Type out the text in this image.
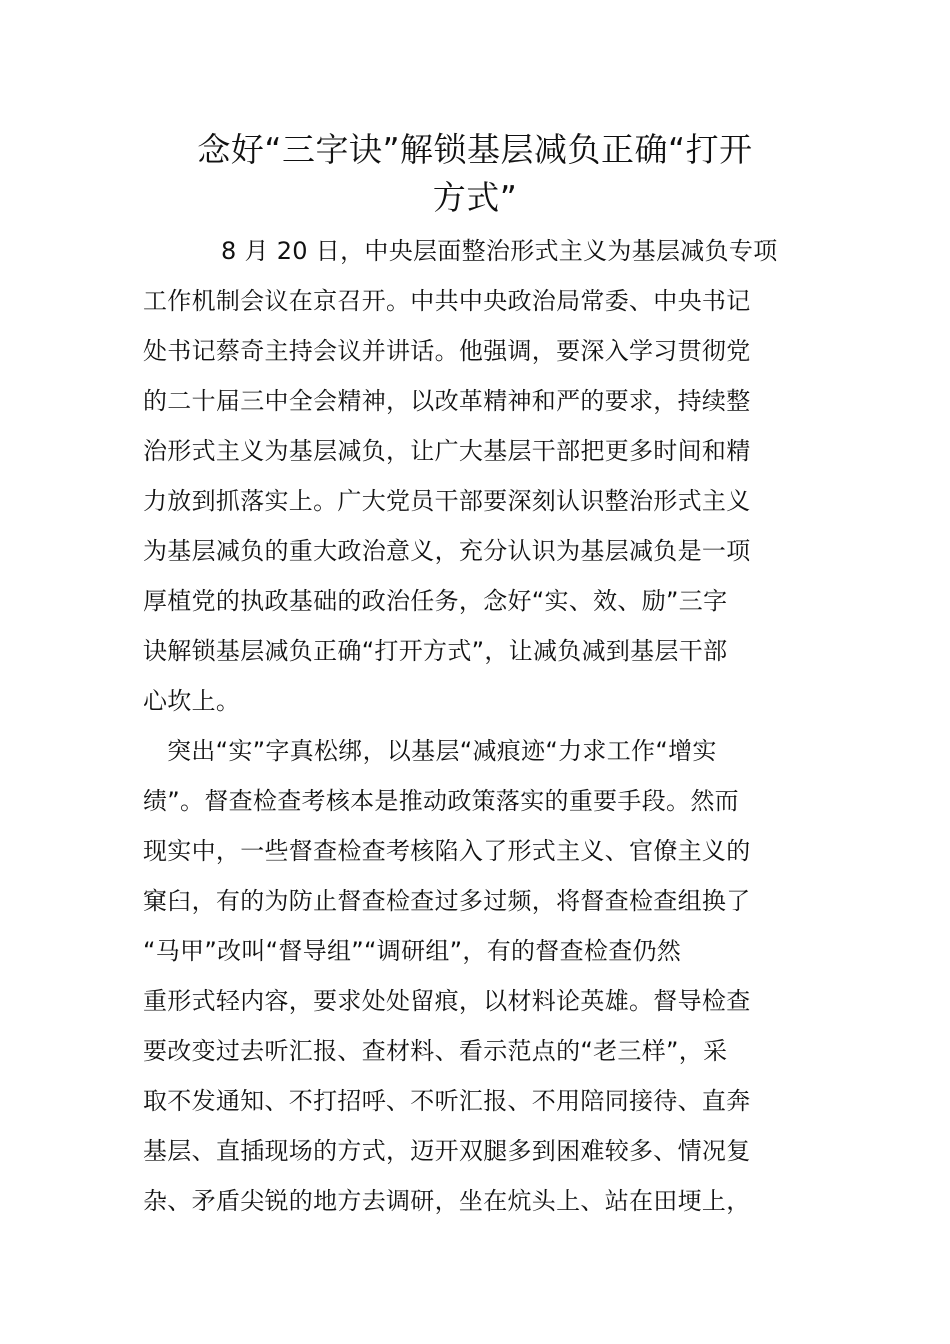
念好“三字诀”解锁基层减负正确“打开
方式”
8 月 20 日，中央层面整治形式主义为基层减负专项
工作机制会议在京召开。中共中央政治局常委、中央书记
处书记蔡奇主持会议并讲话。他强调，要深入学习贯彻党
的二十届三中全会精神，以改革精神和严的要求，持续整
治形式主义为基层减负，让广大基层干部把更多时间和精
力放到抓落实上。广大党员干部要深刻认识整治形式主义
为基层减负的重大政治意义，充分认识为基层减负是一项
厚植党的执政基础的政治任务，念好“实、效、励”三字
诀解锁基层减负正确“打开方式”，让减负减到基层干部
心坎上。
突出“实”字真松绑，以基层“减痕迹“力求工作“增实
绩”。督查检查考核本是推动政策落实的重要手段。然而
现实中，一些督查检查考核陷入了形式主义、官僚主义的
窠臼，有的为防止督查检查过多过频，将督查检查组换了
“马甲”改叫“督导组”“调研组”，有的督查检查仍然
重形式轻内容，要求处处留痕，以材料论英雄。督导检查
要改变过去听汇报、查材料、看示范点的“老三样”，采
取不发通知、不打招呼、不听汇报、不用陪同接待、直奔
基层、直插现场的方式，迈开双腿多到困难较多、情况复
杂、矛盾尖锐的地方去调研，坐在炕头上、站在田埂上，
